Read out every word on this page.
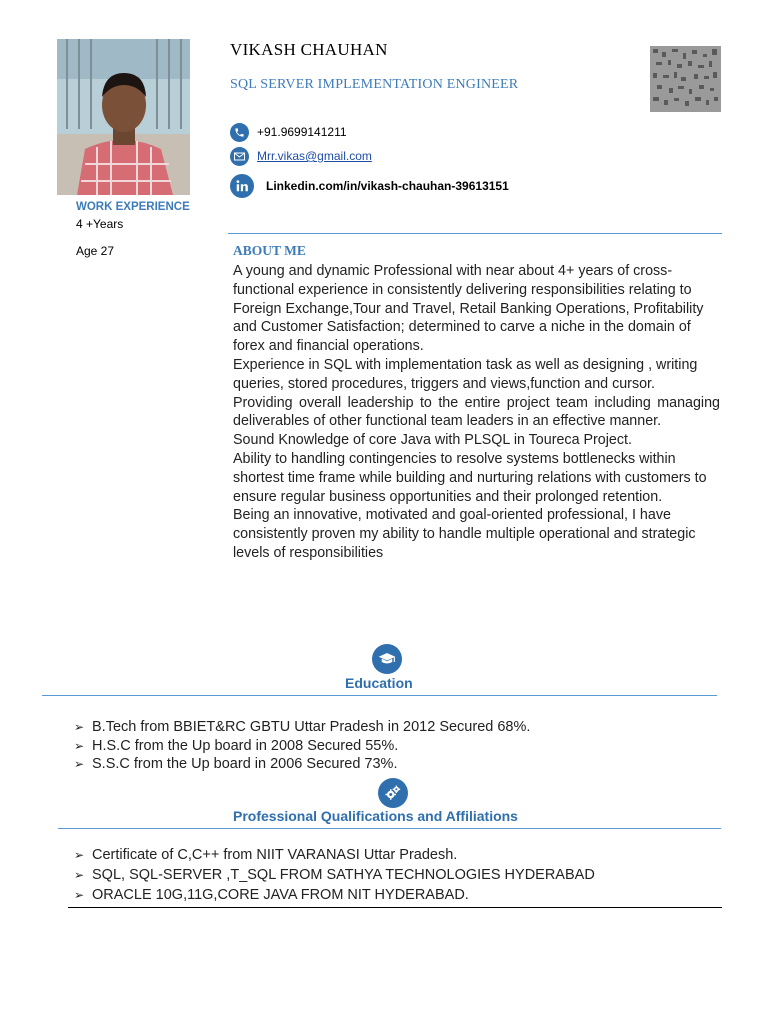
VIKASH CHAUHAN
SQL SERVER IMPLEMENTATION ENGINEER
+91.9699141211
Mrr.vikas@gmail.com
Linkedin.com/in/vikash-chauhan-39613151
WORK EXPERIENCE
4 +Years
Age 27	ABOUT ME

A young and dynamic Professional with near about 4+ years of cross-functional experience in consistently delivering responsibilities relating to Foreign Exchange,Tour and Travel, Retail Banking Operations, Profitability and Customer Satisfaction; determined to carve a niche in the domain of forex and financial operations.

Experience in SQL with implementation task as well as designing , writing queries, stored procedures, triggers and views,function and cursor.

Providing overall leadership to the entire project team including managing deliverables of other functional team leaders in an effective manner.

Sound Knowledge of core Java with PLSQL in Toureca Project.

Ability to handling contingencies to resolve systems bottlenecks within shortest time frame while building and nurturing relations with customers to ensure regular business opportunities and their prolonged retention.

Being an innovative, motivated and goal-oriented professional, I have consistently proven my ability to handle multiple operational and strategic levels of responsibilities

Education
➢ B.Tech from BBIET&RC GBTU Uttar Pradesh in 2012 Secured 68%.
➢ H.S.C from the Up board in 2008 Secured 55%.
➢ S.S.C from the Up board in 2006 Secured 73%.
Professional Qualifications and Affiliations
➢ Certificate of C,C++ from NIIT VARANASI Uttar Pradesh.
➢ SQL, SQL-SERVER ,T_SQL FROM SATHYA TECHNOLOGIES HYDERABAD
➢ ORACLE 10G,11G,CORE JAVA FROM NIT HYDERABAD.
